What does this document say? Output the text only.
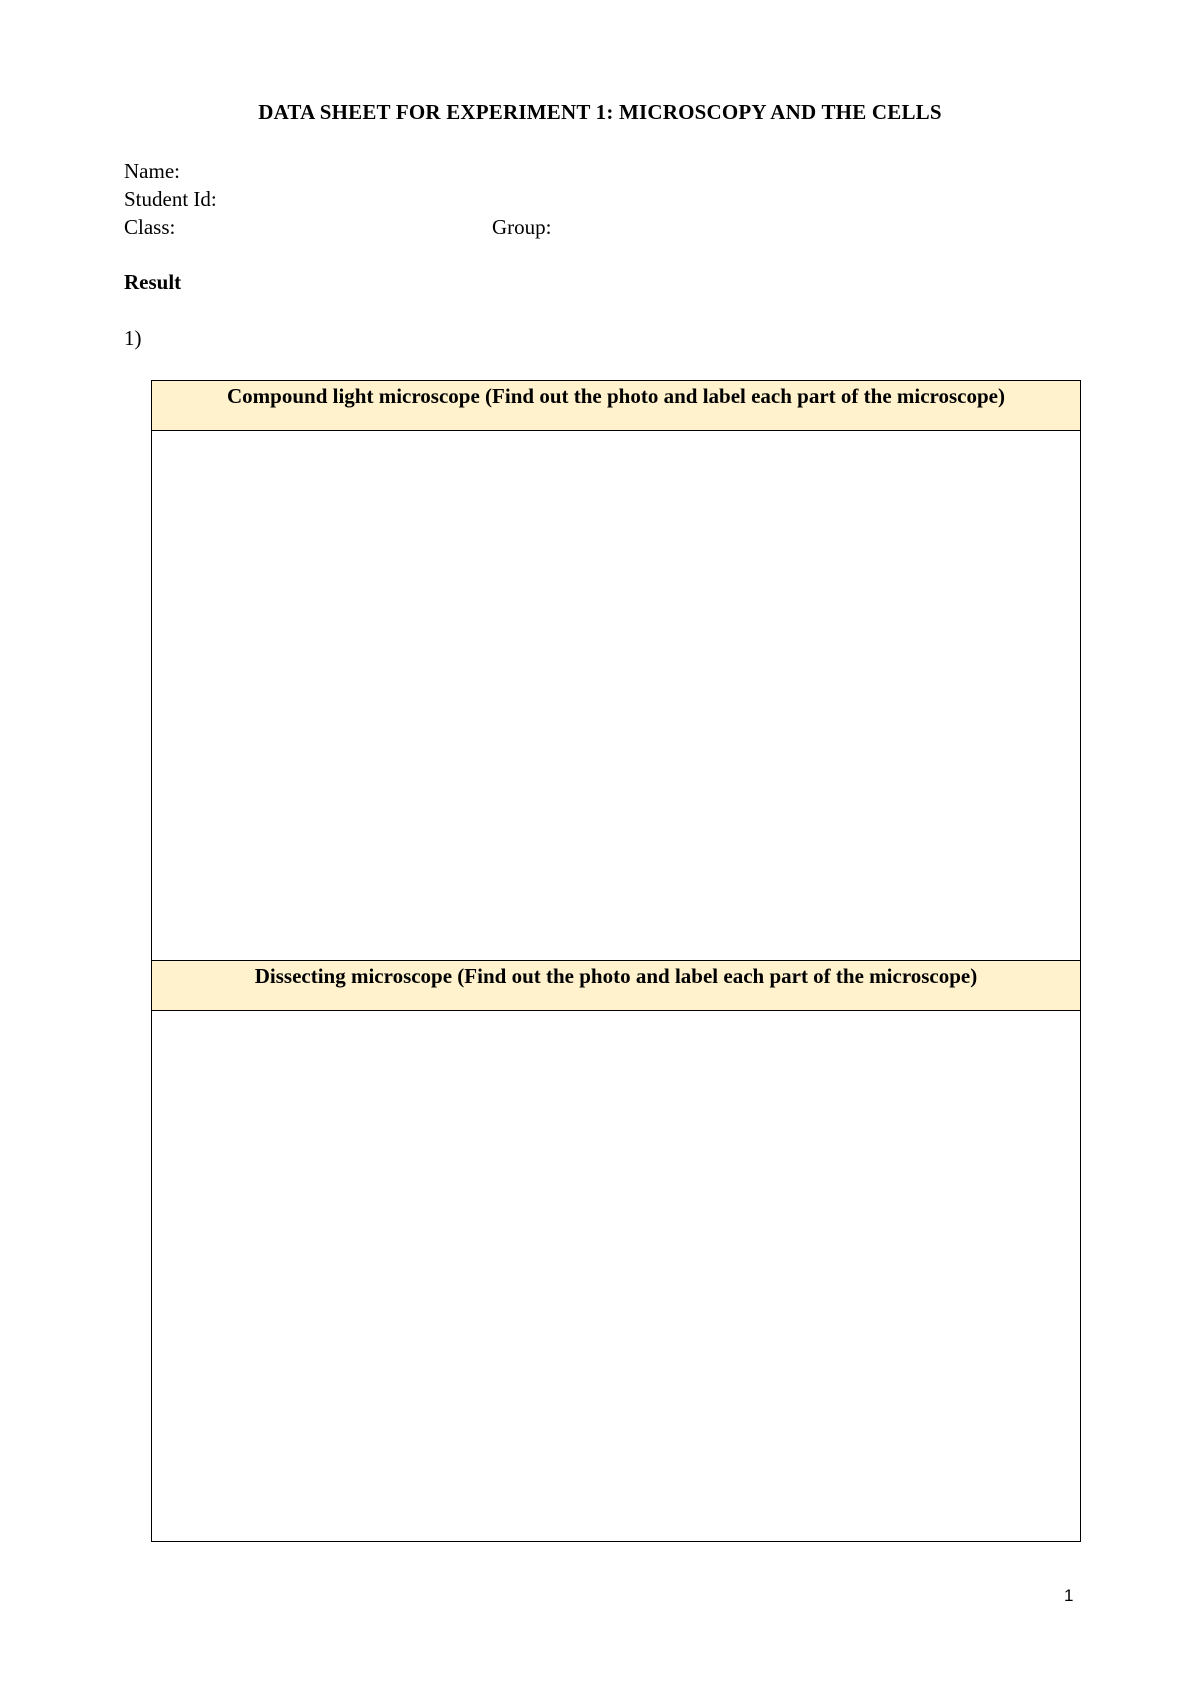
DATA SHEET FOR EXPERIMENT 1: MICROSCOPY AND THE CELLS
Name:
Student Id:
Class:	Group:
Result
1)
Compound light microscope (Find out the photo and label each part of the microscope)

Dissecting microscope (Find out the photo and label each part of the microscope)

1
